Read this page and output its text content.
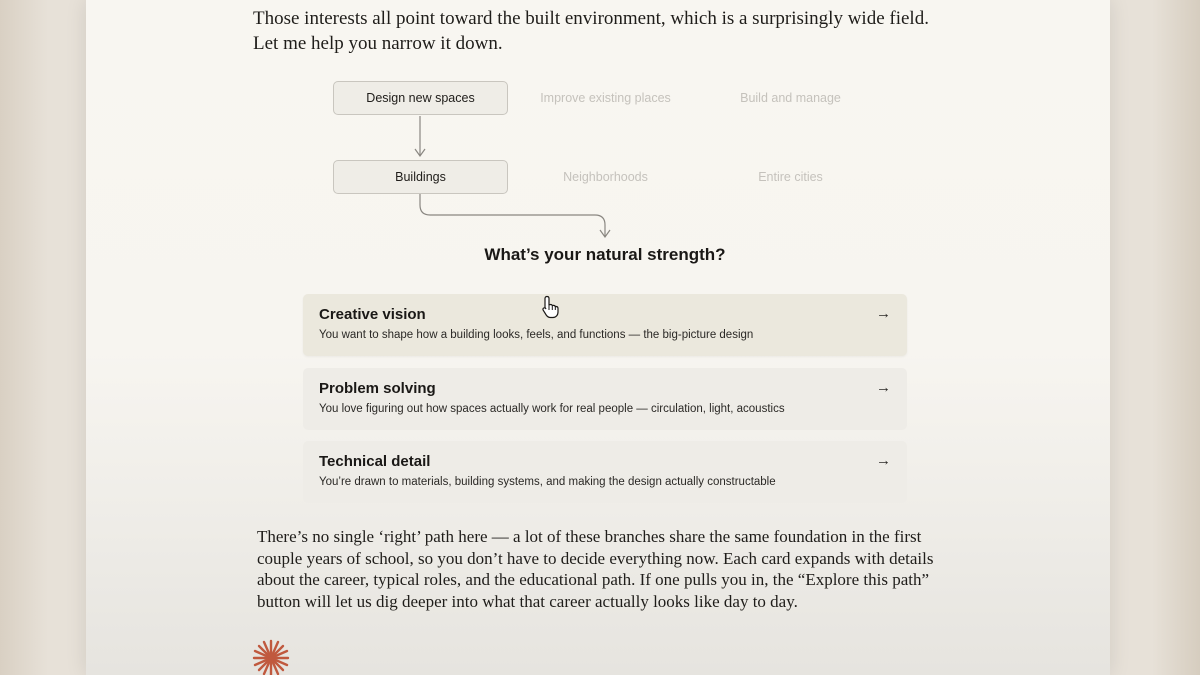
Those interests all point toward the built environment, which is a surprisingly wide field. Let me help you narrow it down.

Design new spaces	Improve existing places	Build and manage
Buildings	Neighborhoods	Entire cities
What’s your natural strength?
Creative vision
You want to shape how a building looks, feels, and functions — the big-picture design
→
Problem solving
You love figuring out how spaces actually work for real people — circulation, light, acoustics
→
Technical detail
You’re drawn to materials, building systems, and making the design actually constructable
→

There’s no single ‘right’ path here — a lot of these branches share the same foundation in the first couple years of school, so you don’t have to decide everything now. Each card expands with details about the career, typical roles, and the educational path. If one pulls you in, the “Explore this path” button will let us dig deeper into what that career actually looks like day to day.
